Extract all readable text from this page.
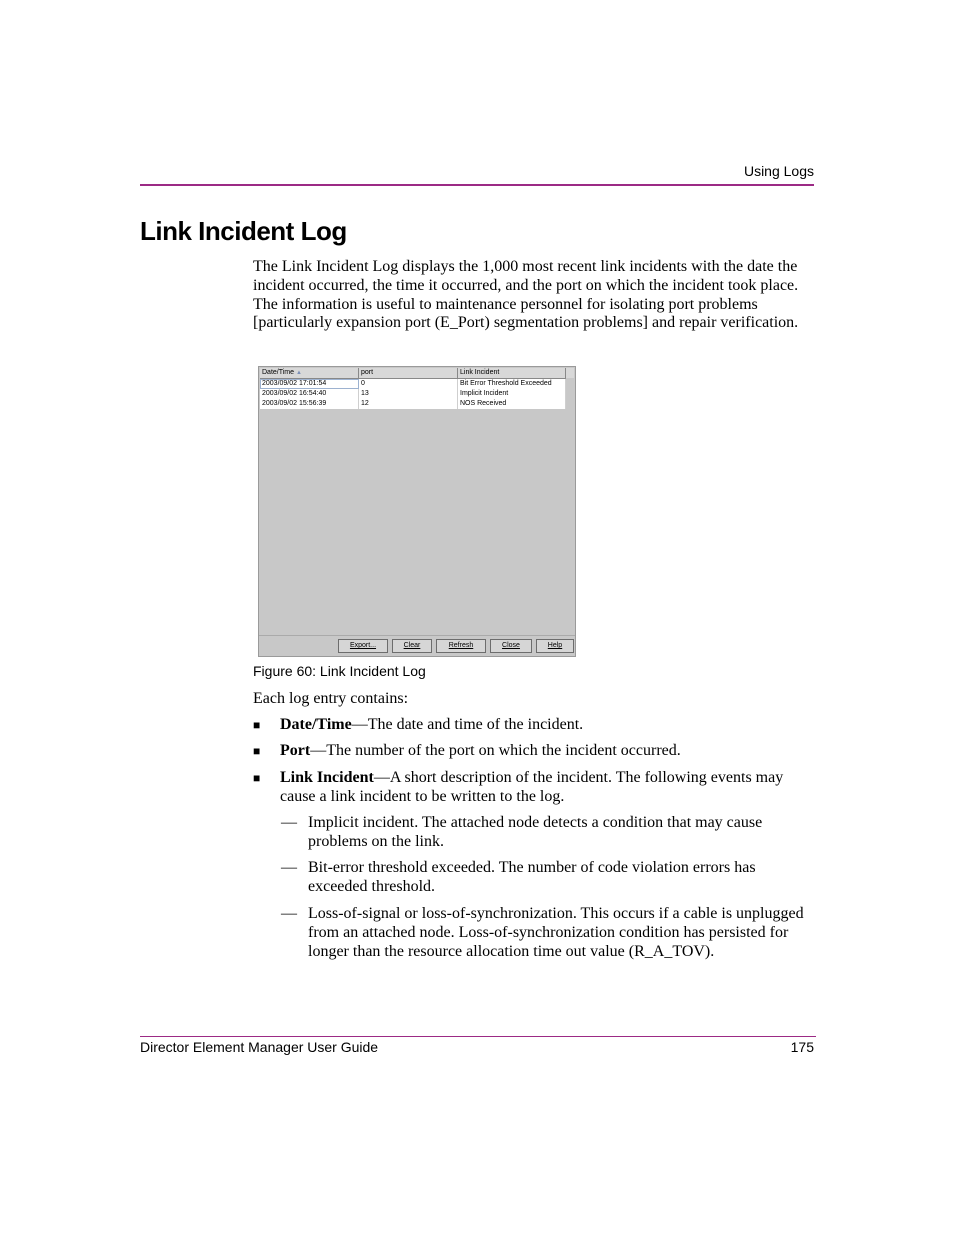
Using Logs
Link Incident Log

The Link Incident Log displays the 1,000 most recent link incidents with the date the incident occurred, the time it occurred, and the port on which the incident took place. The information is useful to maintenance personnel for isolating port problems [particularly expansion port (E_Port) segmentation problems] and repair verification.

Date/Time ▲	port	Link Incident
2003/09/02 17:01:54	0	Bit Error Threshold Exceeded
2003/09/02 16:54:40	13	Implicit Incident
2003/09/02 15:56:39	12	NOS Received
Export...	Clear	Refresh	Close	Help
Figure 60: Link Incident Log

Each log entry contains:

■ Date/Time—The date and time of the incident.
■ Port—The number of the port on which the incident occurred.
■ Link Incident—A short description of the incident. The following events may cause a link incident to be written to the log.
— Implicit incident. The attached node detects a condition that may cause problems on the link.
— Bit-error threshold exceeded. The number of code violation errors has exceeded threshold.
— Loss-of-signal or loss-of-synchronization. This occurs if a cable is unplugged from an attached node. Loss-of-synchronization condition has persisted for longer than the resource allocation time out value (R_A_TOV).
Director Element Manager User Guide	175
